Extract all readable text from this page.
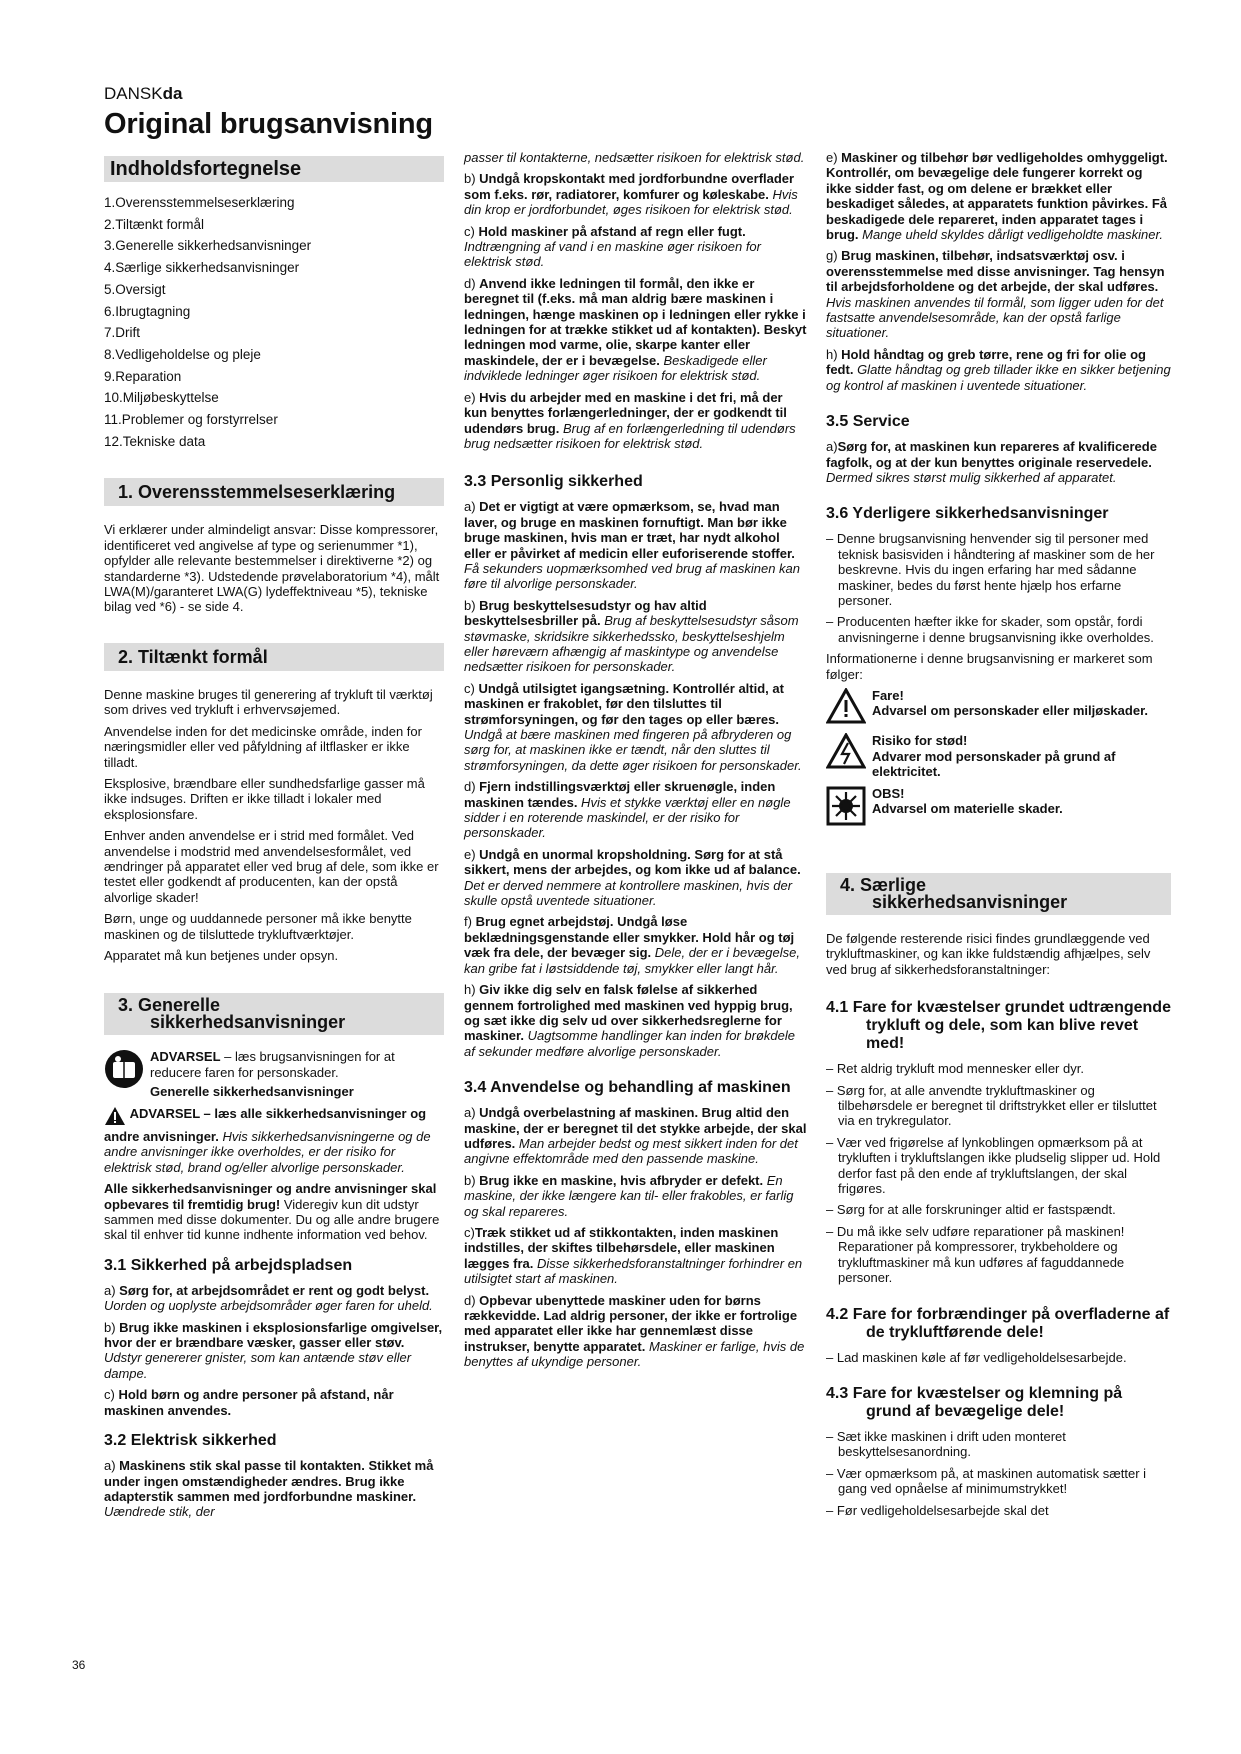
DANSKda
Original brugsanvisning
Indholdsfortegnelse
1.Overensstemmelseserklæring
2.Tiltænkt formål
3.Generelle sikkerhedsanvisninger
4.Særlige sikkerhedsanvisninger
5.Oversigt
6.Ibrugtagning
7.Drift
8.Vedligeholdelse og pleje
9.Reparation
10.Miljøbeskyttelse
11.Problemer og forstyrrelser
12.Tekniske data
1. Overensstemmelseserklæring

Vi erklærer under almindeligt ansvar: Disse kompressorer, identificeret ved angivelse af type og serienummer *1), opfylder alle relevante bestemmelser i direktiverne *2) og standarderne *3). Udstedende prøvelaboratorium *4), målt LWA(M)/garanteret LWA(G) lydeffektniveau *5), tekniske bilag ved *6) - se side 4.

2. Tiltænkt formål

Denne maskine bruges til generering af trykluft til værktøj som drives ved trykluft i erhvervsøjemed.

Anvendelse inden for det medicinske område, inden for næringsmidler eller ved påfyldning af iltflasker er ikke tilladt.

Eksplosive, brændbare eller sundhedsfarlige gasser må ikke indsuges. Driften er ikke tilladt i lokaler med eksplosionsfare.

Enhver anden anvendelse er i strid med formålet. Ved anvendelse i modstrid med anvendelsesformålet, ved ændringer på apparatet eller ved brug af dele, som ikke er testet eller godkendt af producenten, kan der opstå alvorlige skader!

Børn, unge og uuddannede personer må ikke benytte maskinen og de tilsluttede trykluftværktøjer.

Apparatet må kun betjenes under opsyn.

3. Generelle
sikkerhedsanvisninger

ADVARSEL – læs brugsanvisningen for at reducere faren for personskader.

Generelle sikkerhedsanvisninger

ADVARSEL – læs alle sikkerhedsanvisninger og andre anvisninger. Hvis sikkerhedsanvisningerne og de andre anvisninger ikke overholdes, er der risiko for elektrisk stød, brand og/eller alvorlige personskader.

Alle sikkerhedsanvisninger og andre anvisninger skal opbevares til fremtidig brug! Videregiv kun dit udstyr sammen med disse dokumenter. Du og alle andre brugere skal til enhver tid kunne indhente information ved behov.

3.1 Sikkerhed på arbejdspladsen

a) Sørg for, at arbejdsområdet er rent og godt belyst. Uorden og uoplyste arbejdsområder øger faren for uheld.

b) Brug ikke maskinen i eksplosionsfarlige omgivelser, hvor der er brændbare væsker, gasser eller støv. Udstyr genererer gnister, som kan antænde støv eller dampe.

c) Hold børn og andre personer på afstand, når maskinen anvendes.

3.2 Elektrisk sikkerhed

a) Maskinens stik skal passe til kontakten. Stikket må under ingen omstændigheder ændres. Brug ikke adapterstik sammen med jordforbundne maskiner. Uændrede stik, der

passer til kontakterne, nedsætter risikoen for elektrisk stød.

b) Undgå kropskontakt med jordforbundne overflader som f.eks. rør, radiatorer, komfurer og køleskabe. Hvis din krop er jordforbundet, øges risikoen for elektrisk stød.

c) Hold maskiner på afstand af regn eller fugt. Indtrængning af vand i en maskine øger risikoen for elektrisk stød.

d) Anvend ikke ledningen til formål, den ikke er beregnet til (f.eks. må man aldrig bære maskinen i ledningen, hænge maskinen op i ledningen eller rykke i ledningen for at trække stikket ud af kontakten). Beskyt ledningen mod varme, olie, skarpe kanter eller maskindele, der er i bevægelse. Beskadigede eller indviklede ledninger øger risikoen for elektrisk stød.

e) Hvis du arbejder med en maskine i det fri, må der kun benyttes forlængerledninger, der er godkendt til udendørs brug. Brug af en forlængerledning til udendørs brug nedsætter risikoen for elektrisk stød.

3.3 Personlig sikkerhed

a) Det er vigtigt at være opmærksom, se, hvad man laver, og bruge en maskinen fornuftigt. Man bør ikke bruge maskinen, hvis man er træt, har nydt alkohol eller er påvirket af medicin eller euforiserende stoffer. Få sekunders uopmærksomhed ved brug af maskinen kan føre til alvorlige personskader.

b) Brug beskyttelsesudstyr og hav altid beskyttelsesbriller på. Brug af beskyttelsesudstyr såsom støvmaske, skridsikre sikkerhedssko, beskyttelseshjelm eller høreværn afhængig af maskintype og anvendelse nedsætter risikoen for personskader.

c) Undgå utilsigtet igangsætning. Kontrollér altid, at maskinen er frakoblet, før den tilsluttes til strømforsyningen, og før den tages op eller bæres. Undgå at bære maskinen med fingeren på afbryderen og sørg for, at maskinen ikke er tændt, når den sluttes til strømforsyningen, da dette øger risikoen for personskader.

d) Fjern indstillingsværktøj eller skruenøgle, inden maskinen tændes. Hvis et stykke værktøj eller en nøgle sidder i en roterende maskindel, er der risiko for personskader.

e) Undgå en unormal kropsholdning. Sørg for at stå sikkert, mens der arbejdes, og kom ikke ud af balance. Det er derved nemmere at kontrollere maskinen, hvis der skulle opstå uventede situationer.

f) Brug egnet arbejdstøj. Undgå løse beklædningsgenstande eller smykker. Hold hår og tøj væk fra dele, der bevæger sig. Dele, der er i bevægelse, kan gribe fat i løstsiddende tøj, smykker eller langt hår.

h) Giv ikke dig selv en falsk følelse af sikkerhed gennem fortrolighed med maskinen ved hyppig brug, og sæt ikke dig selv ud over sikkerhedsreglerne for maskiner. Uagtsomme handlinger kan inden for brøkdele af sekunder medføre alvorlige personskader.

3.4 Anvendelse og behandling af maskinen

a) Undgå overbelastning af maskinen. Brug altid den maskine, der er beregnet til det stykke arbejde, der skal udføres. Man arbejder bedst og mest sikkert inden for det angivne effektområde med den passende maskine.

b) Brug ikke en maskine, hvis afbryder er defekt. En maskine, der ikke længere kan til- eller frakobles, er farlig og skal repareres.

c)Træk stikket ud af stikkontakten, inden maskinen indstilles, der skiftes tilbehørsdele, eller maskinen lægges fra. Disse sikkerhedsforanstaltninger forhindrer en utilsigtet start af maskinen.

d) Opbevar ubenyttede maskiner uden for børns rækkevidde. Lad aldrig personer, der ikke er fortrolige med apparatet eller ikke har gennemlæst disse instrukser, benytte apparatet. Maskiner er farlige, hvis de benyttes af ukyndige personer.

e) Maskiner og tilbehør bør vedligeholdes omhyggeligt. Kontrollér, om bevægelige dele fungerer korrekt og ikke sidder fast, og om delene er brækket eller beskadiget således, at apparatets funktion påvirkes. Få beskadigede dele repareret, inden apparatet tages i brug. Mange uheld skyldes dårligt vedligeholdte maskiner.

g) Brug maskinen, tilbehør, indsatsværktøj osv. i overensstemmelse med disse anvisninger. Tag hensyn til arbejdsforholdene og det arbejde, der skal udføres. Hvis maskinen anvendes til formål, som ligger uden for det fastsatte anvendelsesområde, kan der opstå farlige situationer.

h) Hold håndtag og greb tørre, rene og fri for olie og fedt. Glatte håndtag og greb tillader ikke en sikker betjening og kontrol af maskinen i uventede situationer.

3.5 Service

a)Sørg for, at maskinen kun repareres af kvalificerede fagfolk, og at der kun benyttes originale reservedele. Dermed sikres størst mulig sikkerhed af apparatet.

3.6 Yderligere sikkerhedsanvisninger

– Denne brugsanvisning henvender sig til personer med teknisk basisviden i håndtering af maskiner som de her beskrevne. Hvis du ingen erfaring har med sådanne maskiner, bedes du først hente hjælp hos erfarne personer.

– Producenten hæfter ikke for skader, som opstår, fordi anvisningerne i denne brugsanvisning ikke overholdes.

Informationerne i denne brugsanvisning er markeret som følger:

Fare!
Advarsel om personskader eller miljøskader.
Risiko for stød!
Advarer mod personskader på grund af elektricitet.
OBS!
Advarsel om materielle skader.
4. Særlige
sikkerhedsanvisninger

De følgende resterende risici findes grundlæggende ved trykluftmaskiner, og kan ikke fuldstændig afhjælpes, selv ved brug af sikkerhedsforanstaltninger:

4.1 Fare for kvæstelser grundet udtrængende trykluft og dele, som kan blive revet med!

– Ret aldrig trykluft mod mennesker eller dyr.

– Sørg for, at alle anvendte trykluftmaskiner og tilbehørsdele er beregnet til driftstrykket eller er tilsluttet via en trykregulator.

– Vær ved frigørelse af lynkoblingen opmærksom på at trykluften i trykluftslangen ikke pludselig slipper ud. Hold derfor fast på den ende af trykluftslangen, der skal frigøres.

– Sørg for at alle forskruninger altid er fastspændt.

– Du må ikke selv udføre reparationer på maskinen! Reparationer på kompressorer, trykbeholdere og trykluftmaskiner må kun udføres af faguddannede personer.

4.2 Fare for forbrændinger på overfladerne af de trykluftførende dele!

– Lad maskinen køle af før vedligeholdelsesarbejde.

4.3 Fare for kvæstelser og klemning på grund af bevægelige dele!

– Sæt ikke maskinen i drift uden monteret beskyttelsesanordning.

– Vær opmærksom på, at maskinen automatisk sætter i gang ved opnåelse af minimumstrykket!

– Før vedligeholdelsesarbejde skal det

36
